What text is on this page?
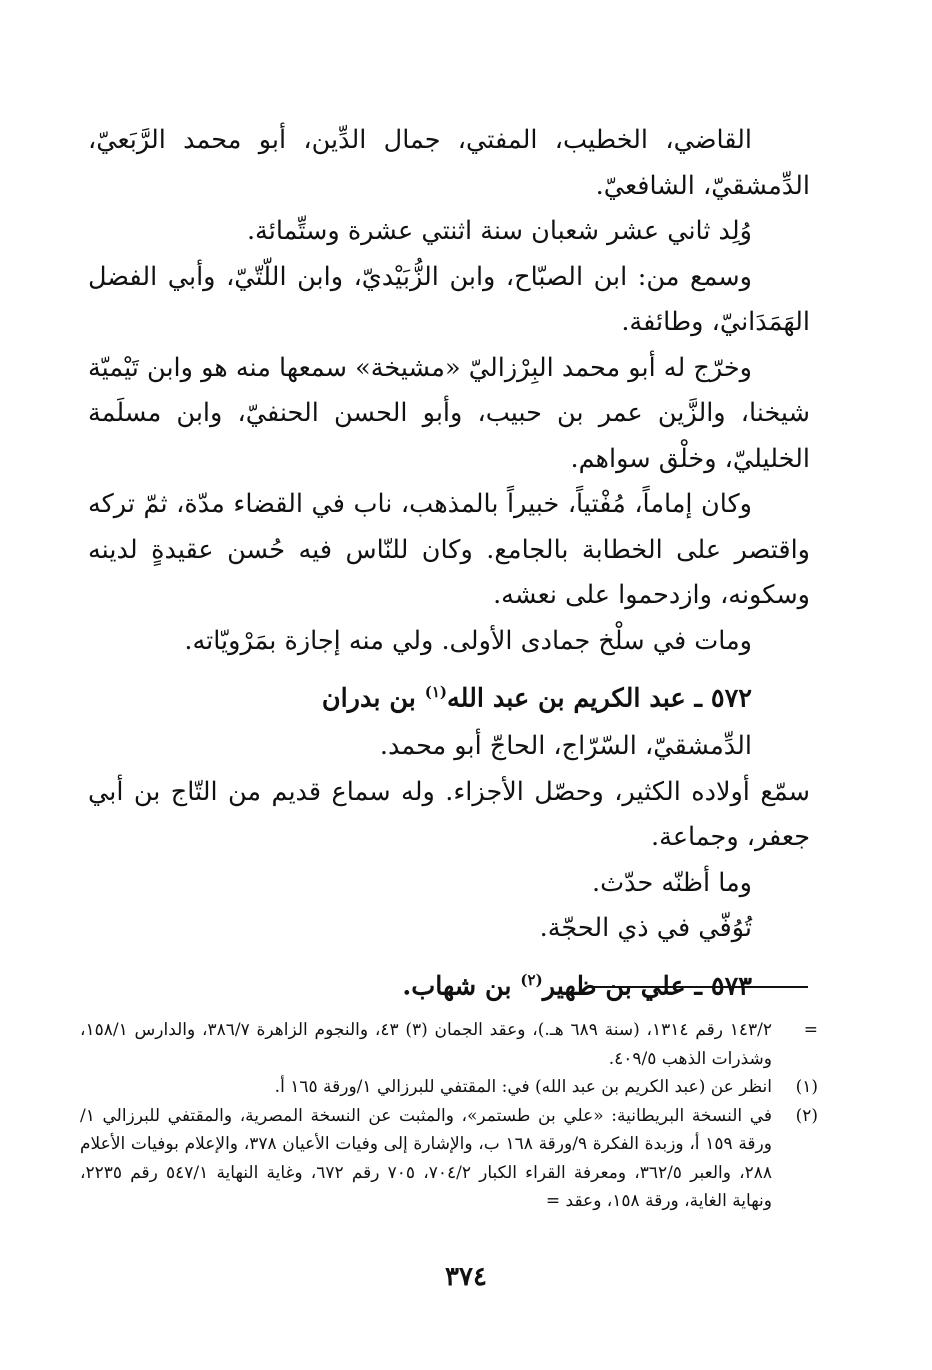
القاضي، الخطيب، المفتي، جمال الدِّين، أبو محمد الرَّبَعيّ، الدِّمشقيّ، الشافعيّ.

وُلِد ثاني عشر شعبان سنة اثنتي عشرة وستِّمائة.

وسمع من: ابن الصبّاح، وابن الزُّبَيْديّ، وابن اللّتّيّ، وأبي الفضل الهَمَدَانيّ، وطائفة.

وخرّج له أبو محمد البِرْزاليّ «مشيخة» سمعها منه هو وابن تَيْميّة شيخنا، والزَّين عمر بن حبيب، وأبو الحسن الحنفيّ، وابن مسلَمة الخليليّ، وخلْق سواهم.

وكان إماماً، مُفْتياً، خبيراً بالمذهب، ناب في القضاء مدّة، ثمّ تركه واقتصر على الخطابة بالجامع. وكان للنّاس فيه حُسن عقيدةٍ لدينه وسكونه، وازدحموا على نعشه.

ومات في سلْخ جمادى الأولى. ولي منه إجازة بمَرْويّاته.

٥٧٢ ـ عبد الكريم بن عبد الله$^{(١)}$ بن بدران

الدِّمشقيّ، السّرّاج، الحاجّ أبو محمد.

سمّع أولاده الكثير، وحصّل الأجزاء. وله سماع قديم من التّاج بن أبي جعفر، وجماعة.

وما أظنّه حدّث.

تُوُفّي في ذي الحجّة.

٥٧٣ ـ علي بن ظهير$^{(٢)}$ بن شهاب.

=
١٤٣/٢ رقم ١٣١٤، (سنة ٦٨٩ هـ.)، وعقد الجمان (٣) ٤٣، والنجوم الزاهرة ٣٨٦/٧، والدارس ١٥٨/١، وشذرات الذهب ٤٠٩/٥.
(١)
انظر عن (عبد الكريم بن عبد الله) في: المقتفي للبرزالي ١/ورقة ١٦٥ أ.
(٢)
في النسخة البريطانية: «علي بن طستمر»، والمثبت عن النسخة المصرية، والمقتفي للبرزالي ١/ورقة ١٥٩ أ، وزبدة الفكرة ٩/ورقة ١٦٨ ب، والإشارة إلى وفيات الأعيان ٣٧٨، والإعلام بوفيات الأعلام ٢٨٨، والعبر ٣٦٢/٥، ومعرفة القراء الكبار ٧٠٤/٢، ٧٠٥ رقم ٦٧٢، وغاية النهاية ٥٤٧/١ رقم ٢٢٣٥، ونهاية الغاية، ورقة ١٥٨، وعقد =
٣٧٤
